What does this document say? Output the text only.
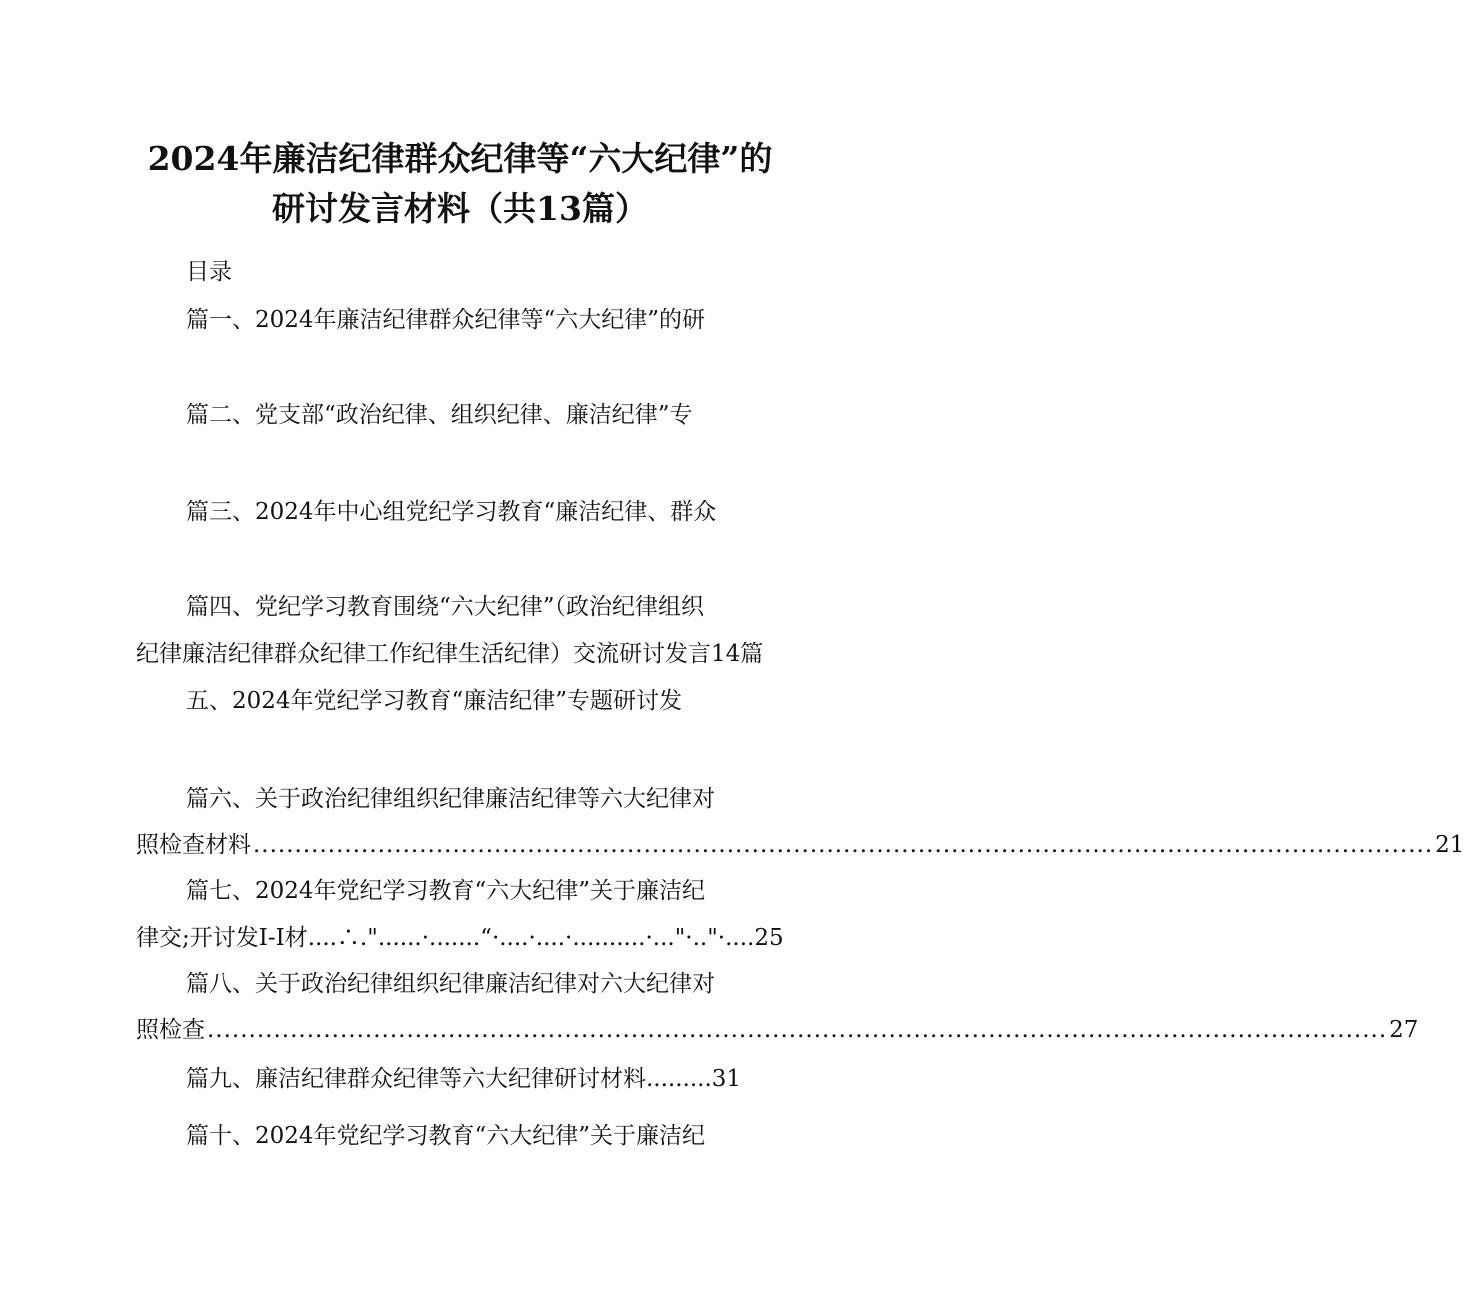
2024年廉洁纪律群众纪律等“六大纪律”的
研讨发言材料（共13篇）
目录
篇一、2024年廉洁纪律群众纪律等“六大纪律”的研
篇二、党支部“政治纪律、组织纪律、廉洁纪律”专
篇三、2024年中心组党纪学习教育“廉洁纪律、群众
篇四、党纪学习教育围绕“六大纪律”（政治纪律组织
纪律廉洁纪律群众纪律工作纪律生活纪律）交流研讨发言14篇
五、2024年党纪学习教育“廉洁纪律”专题研讨发
篇六、关于政治纪律组织纪律廉洁纪律等六大纪律对
照检查材料 .............................................................................................................................................. 21
篇七、2024年党纪学习教育“六大纪律”关于廉洁纪
律交;开讨发I-I材....∴."......·.......“·....·....·..........·..."·.."·....25
篇八、关于政治纪律组织纪律廉洁纪律对六大纪律对
照检查 .............................................................................................................................................. 27
篇九、廉洁纪律群众纪律等六大纪律研讨材料.........31
篇十、2024年党纪学习教育“六大纪律”关于廉洁纪
